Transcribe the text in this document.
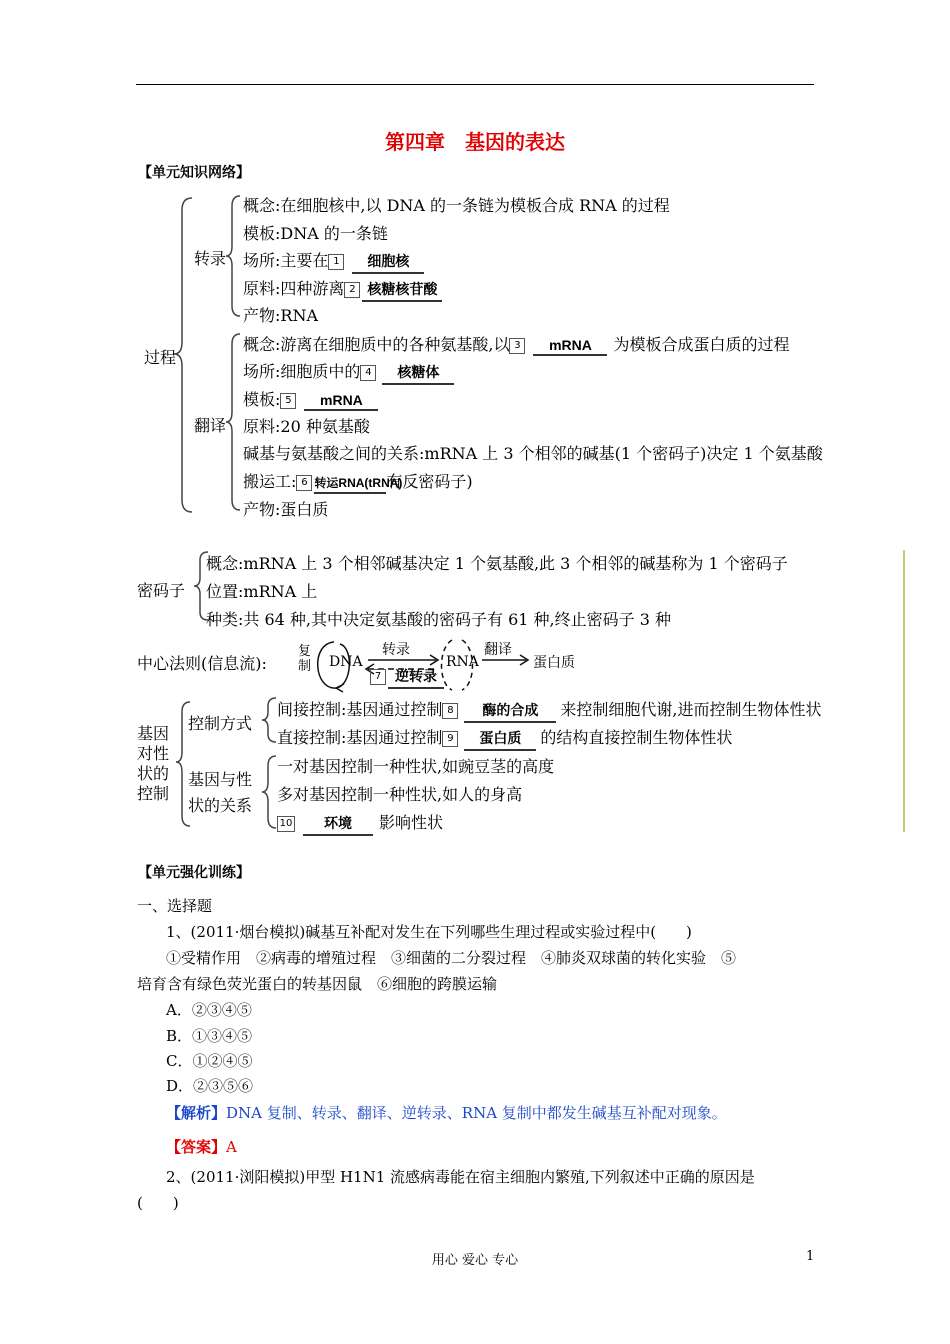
第四章　基因的表达
【单元知识网络】
过程
转录
翻译
概念:在细胞核中,以 DNA 的一条链为模板合成 RNA 的过程
模板:DNA 的一条链
场所:主要在 1 细胞核
原料:四种游离 2 核糖核苷酸
产物:RNA
概念:游离在细胞质中的各种氨基酸,以 3 mRNA 为模板合成蛋白质的过程
场所:细胞质中的 4 核糖体
模板: 5 mRNA
原料:20 种氨基酸
碱基与氨基酸之间的关系:mRNA 上 3 个相邻的碱基(1 个密码子)决定 1 个氨基酸
搬运工: 6 转运RNA(tRNA)有反密码子)
产物:蛋白质
密码子
概念:mRNA 上 3 个相邻碱基决定 1 个氨基酸,此 3 个相邻的碱基称为 1 个密码子
位置:mRNA 上
种类:共 64 种,其中决定氨基酸的密码子有 61 种,终止密码子 3 种
中心法则(信息流):
复制 DNA
转录
7 逆转录
RNA
翻译
蛋白质
基因
对性
状的
控制
控制方式
基因与性
状的关系
间接控制:基因通过控制 8 酶的合成 来控制细胞代谢,进而控制生物体性状
直接控制:基因通过控制 9 蛋白质 的结构直接控制生物体性状
一对基因控制一种性状,如豌豆茎的高度
多对基因控制一种性状,如人的身高
10 环境 影响性状
【单元强化训练】
一、选择题
1、(2011·烟台模拟)碱基互补配对发生在下列哪些生理过程或实验过程中(　　)
①受精作用　②病毒的增殖过程　③细菌的二分裂过程　④肺炎双球菌的转化实验　⑤
培育含有绿色荧光蛋白的转基因鼠　⑥细胞的跨膜运输
A．②③④⑤
B．①③④⑤
C．①②④⑤
D．②③⑤⑥
【解析】DNA 复制、转录、翻译、逆转录、RNA 复制中都发生碱基互补配对现象。
【答案】A
2、(2011·浏阳模拟)甲型 H1N1 流感病毒能在宿主细胞内繁殖,下列叙述中正确的原因是
(　　)
用心 爱心 专心	1
